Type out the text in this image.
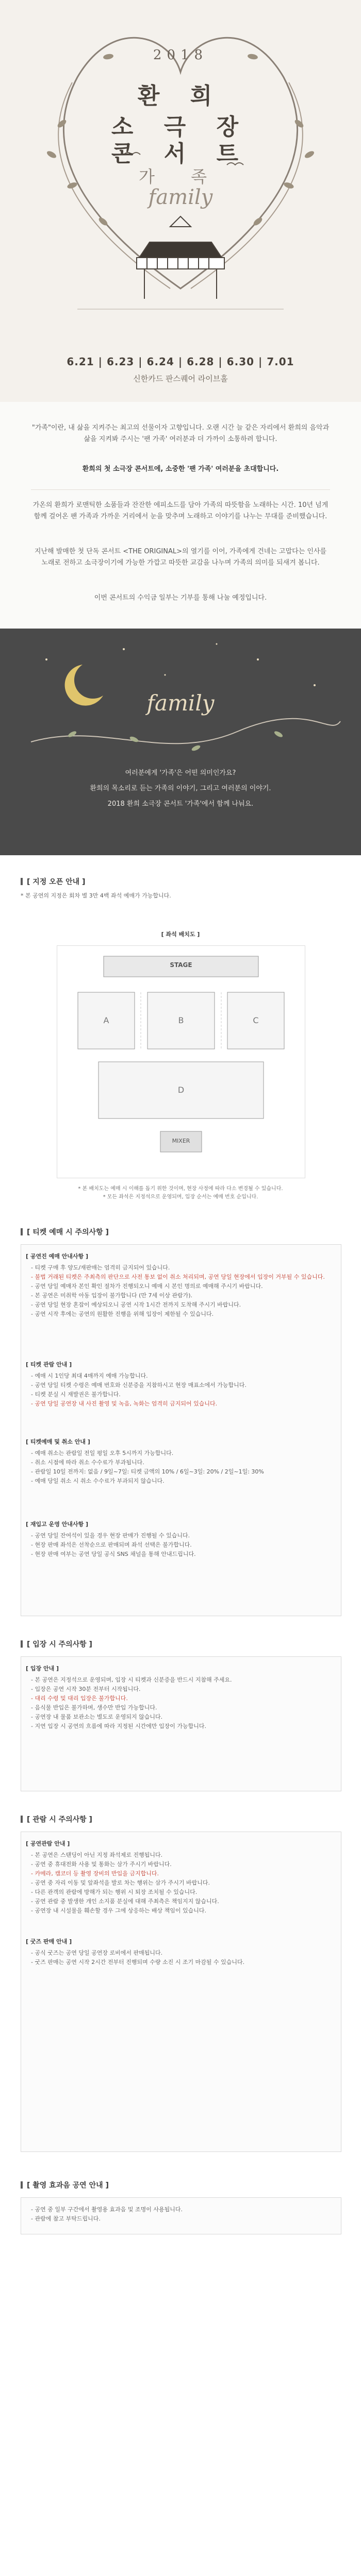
2018
환 희
소 극 장
콘 서 트
가 족
family
6.21 | 6.23 | 6.24 | 6.28 | 6.30 | 7.01
신한카드 판스퀘어 라이브홀
"가족"이란, 내 삶을 지켜주는 최고의 선물이자 고향입니다. 오랜 시간 늘 같은 자리에서 환희의 음악과 삶을 지켜봐 주시는 '팬 가족' 여러분과 더 가까이 소통하려 합니다.
환희의 첫 소극장 콘서트에, 소중한 '팬 가족' 여러분을 초대합니다.
가온의 환희가 로맨틱한 소품들과 잔잔한 에피소드를 담아 가족의 따뜻함을 노래하는 시간. 10년 넘게 함께 걸어온 팬 가족과 가까운 거리에서 눈을 맞추며 노래하고 이야기를 나누는 무대를 준비했습니다.
지난해 발매한 첫 단독 콘서트 <THE ORIGINAL>의 열기를 이어, 가족에게 건네는 고맙다는 인사를 노래로 전하고 소극장이기에 가능한 가깝고 따뜻한 교감을 나누며 가족의 의미를 되새겨 봅니다.
이번 콘서트의 수익금 일부는 기부를 통해 나눌 예정입니다.
family
여러분에게 '가족'은 어떤 의미인가요?
환희의 목소리로 듣는 가족의 이야기, 그리고 여러분의 이야기.
2018 환희 소극장 콘서트 '가족'에서 함께 나눠요.
[ 지정 오픈 안내 ]
* 본 공연의 지정은 회차 별 3만 4백 좌석 예매가 가능합니다.
[ 좌석 배치도 ]
STAGE
A	B	C
D
MIXER
* 본 배치도는 예매 시 이해를 돕기 위한 것이며, 현장 사정에 따라 다소 변경될 수 있습니다.
* 모든 좌석은 지정석으로 운영되며, 입장 순서는 예매 번호 순입니다.
[ 티켓 예매 시 주의사항 ]
[ 공연진 예매 안내사항 ]
- 티켓 구매 후 양도/재판매는 엄격히 금지되어 있습니다.
- 불법 거래된 티켓은 주최측의 판단으로 사전 통보 없이 취소 처리되며, 공연 당일 현장에서 입장이 거부될 수 있습니다.
- 공연 당일 예매자 본인 확인 절차가 진행되오니 예매 시 본인 명의로 예매해 주시기 바랍니다.
- 본 공연은 미취학 아동 입장이 불가합니다 (만 7세 이상 관람가).
- 공연 당일 현장 혼잡이 예상되오니 공연 시작 1시간 전까지 도착해 주시기 바랍니다.
- 공연 시작 후에는 공연의 원활한 진행을 위해 입장이 제한될 수 있습니다.
[ 티켓 관람 안내 ]
- 예매 시 1인당 최대 4매까지 예매 가능합니다.
- 공연 당일 티켓 수령은 예매 번호와 신분증을 지참하시고 현장 매표소에서 가능합니다.
- 티켓 분실 시 재발권은 불가합니다.
- 공연 당일 공연장 내 사진 촬영 및 녹음, 녹화는 엄격히 금지되어 있습니다.
[ 티켓예매 및 취소 안내 ]
- 예매 취소는 관람일 전일 평일 오후 5시까지 가능합니다.
- 취소 시점에 따라 취소 수수료가 부과됩니다.
- 관람일 10일 전까지: 없음 / 9일~7일: 티켓 금액의 10% / 6일~3일: 20% / 2일~1일: 30%
- 예매 당일 취소 시 취소 수수료가 부과되지 않습니다.
[ 재입고 운영 안내사항 ]
- 공연 당일 잔여석이 있을 경우 현장 판매가 진행될 수 있습니다.
- 현장 판매 좌석은 선착순으로 판매되며 좌석 선택은 불가합니다.
- 현장 판매 여부는 공연 당일 공식 SNS 채널을 통해 안내드립니다.
[ 입장 시 주의사항 ]
[ 입장 안내 ]
- 본 공연은 지정석으로 운영되며, 입장 시 티켓과 신분증을 반드시 지참해 주세요.
- 입장은 공연 시작 30분 전부터 시작됩니다.
- 대리 수령 및 대리 입장은 불가합니다.
- 음식물 반입은 불가하며, 생수만 반입 가능합니다.
- 공연장 내 물품 보관소는 별도로 운영되지 않습니다.
- 지연 입장 시 공연의 흐름에 따라 지정된 시간에만 입장이 가능합니다.
[ 관람 시 주의사항 ]
[ 공연관람 안내 ]
- 본 공연은 스탠딩이 아닌 지정 좌석제로 진행됩니다.
- 공연 중 휴대전화 사용 및 통화는 삼가 주시기 바랍니다.
- 카메라, 캠코더 등 촬영 장비의 반입을 금지합니다.
- 공연 중 자리 이동 및 앞좌석을 발로 차는 행위는 삼가 주시기 바랍니다.
- 다른 관객의 관람에 방해가 되는 행위 시 퇴장 조치될 수 있습니다.
- 공연 관람 중 발생한 개인 소지품 분실에 대해 주최측은 책임지지 않습니다.
- 공연장 내 시설물을 훼손할 경우 그에 상응하는 배상 책임이 있습니다.
[ 굿즈 판매 안내 ]
- 공식 굿즈는 공연 당일 공연장 로비에서 판매됩니다.
- 굿즈 판매는 공연 시작 2시간 전부터 진행되며 수량 소진 시 조기 마감될 수 있습니다.
[ 촬영 효과음 공연 안내 ]
- 공연 중 일부 구간에서 촬영용 효과음 및 조명이 사용됩니다.
- 관람에 참고 부탁드립니다.
